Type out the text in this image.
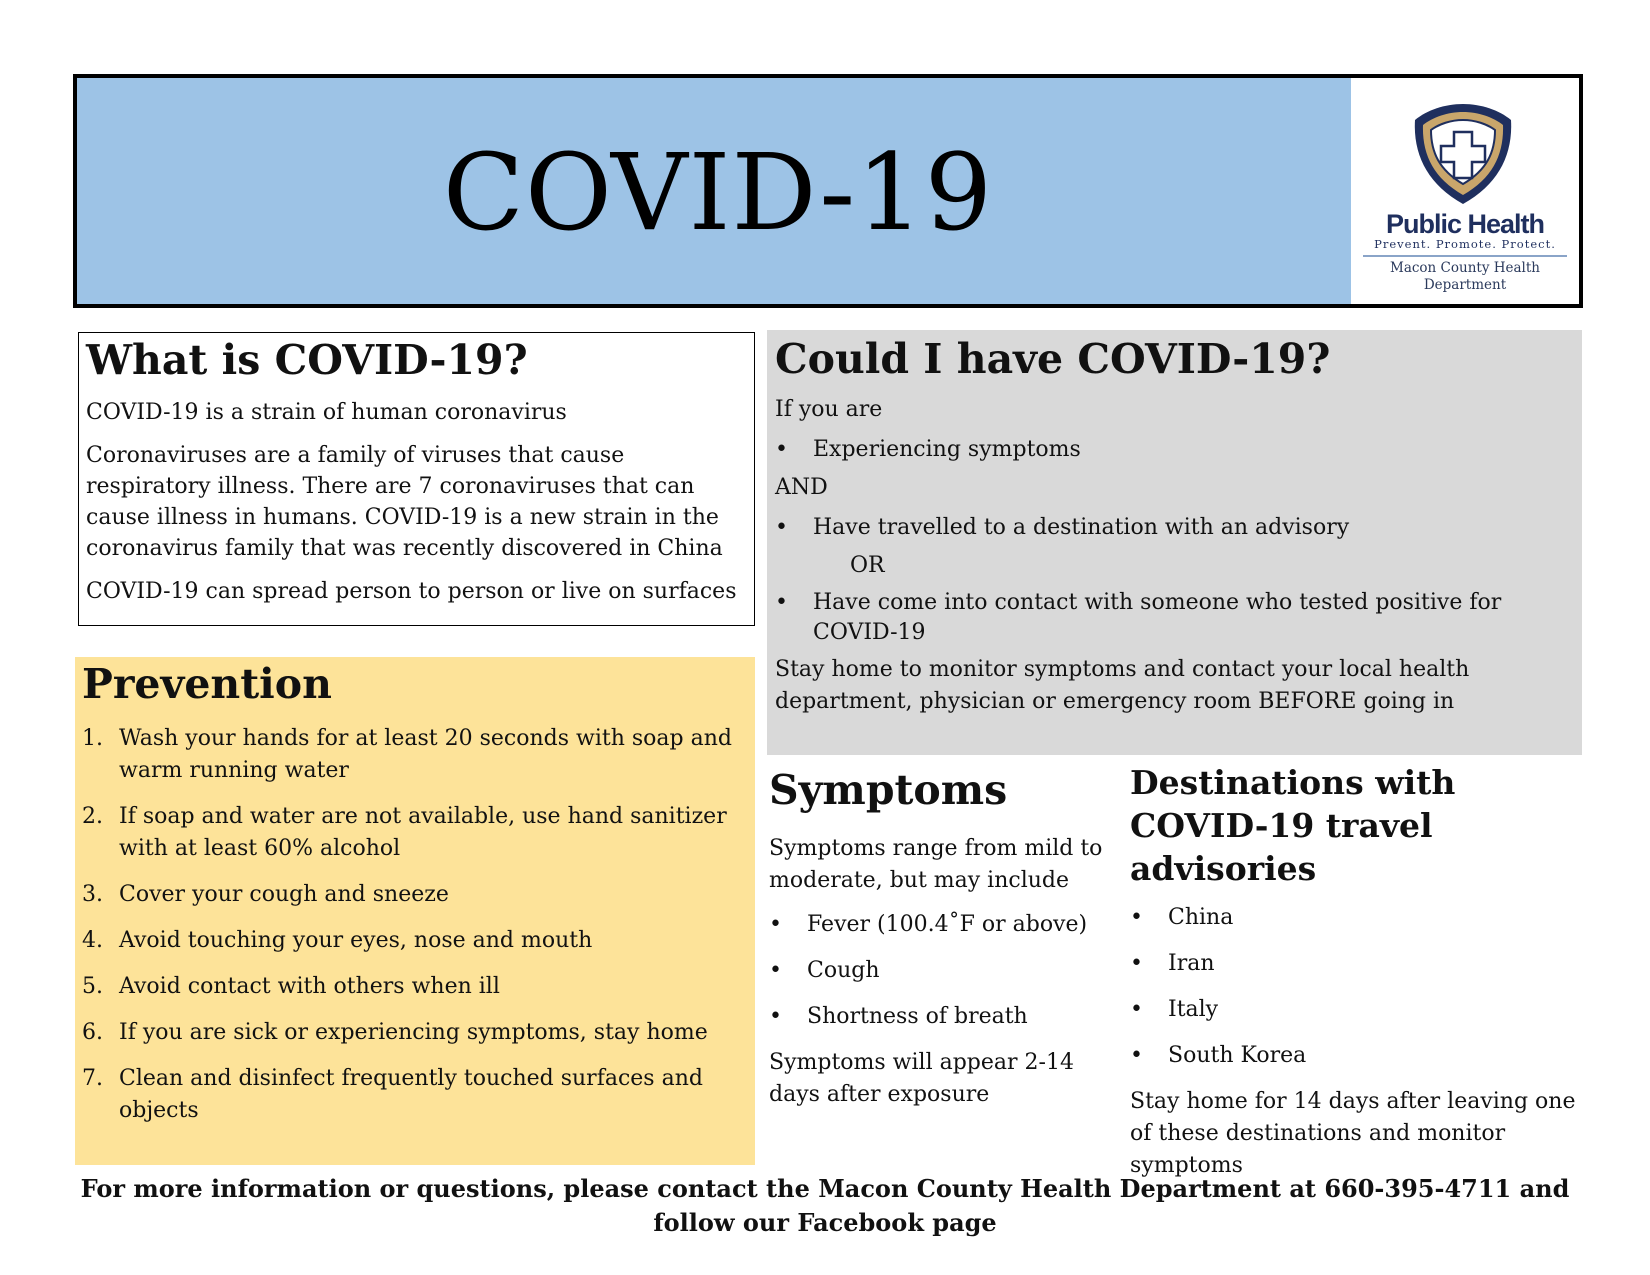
COVID-19	Public Health
Prevent. Promote. Protect.
Macon County Health
Department
What is COVID-19?

COVID-19 is a strain of human coronavirus

Coronaviruses are a family of viruses that cause respiratory illness. There are 7 coronaviruses that can cause illness in humans. COVID-19 is a new strain in the coronavirus family that was recently discovered in China

COVID-19 can spread person to person or live on surfaces

Prevention
1. Wash your hands for at least 20 seconds with soap and warm running water
2. If soap and water are not available, use hand sanitizer with at least 60% alcohol
3. Cover your cough and sneeze
4. Avoid touching your eyes, nose and mouth
5. Avoid contact with others when ill
6. If you are sick or experiencing symptoms, stay home
7. Clean and disinfect frequently touched surfaces and objects
Could I have COVID-19?

If you are

• Experiencing symptoms

AND

• Have travelled to a destination with an advisory

OR

• Have come into contact with someone who tested positive for COVID-19

Stay home to monitor symptoms and contact your local health department, physician or emergency room BEFORE going in

Symptoms

Symptoms range from mild to moderate, but may include

• Fever (100.4˚F or above)
• Cough
• Shortness of breath

Symptoms will appear 2-14 days after exposure

Destinations with COVID-19 travel advisories
• China
• Iran
• Italy
• South Korea

Stay home for 14 days after leaving one of these destinations and monitor symptoms

For more information or questions, please contact the Macon County Health Department at 660-395-4711 and follow our Facebook page
